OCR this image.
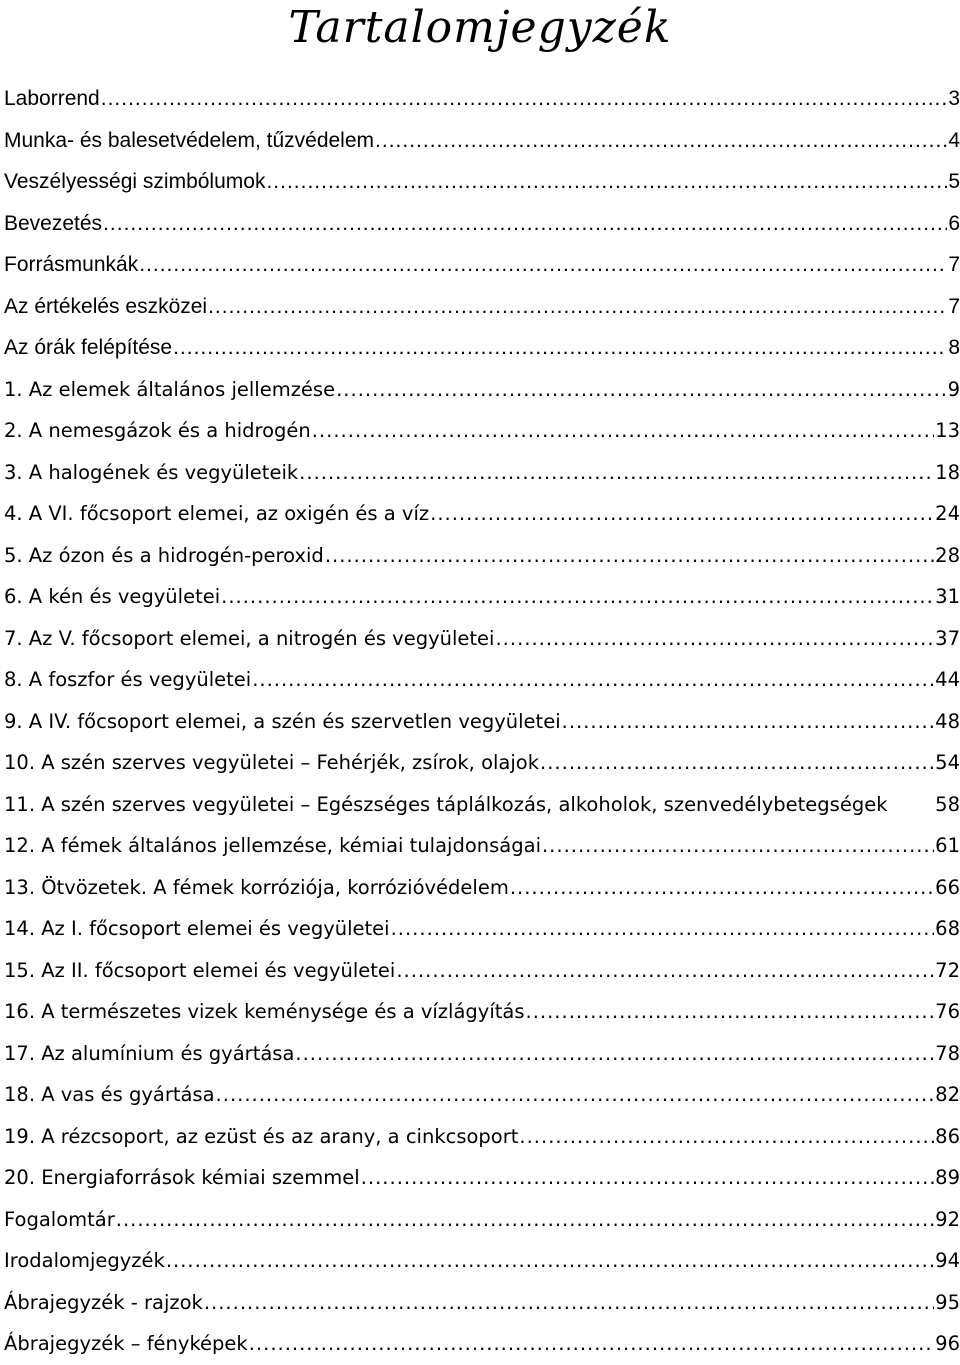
Tartalomjegyzék
Laborrend .....	3
Munka- és balesetvédelem, tűzvédelem .....	4
Veszélyességi szimbólumok .....	5
Bevezetés .....	6
Forrásmunkák .....	7
Az értékelés eszközei .....	7
Az órák felépítése .....	8
1. Az elemek általános jellemzése .....	9
2. A nemesgázok és a hidrogén .....	13
3. A halogének és vegyületeik .....	18
4. A VI. főcsoport elemei, az oxigén és a víz .....	24
5. Az ózon és a hidrogén-peroxid .....	28
6. A kén és vegyületei .....	31
7. Az V. főcsoport elemei, a nitrogén és vegyületei .....	37
8. A foszfor és vegyületei .....	44
9. A IV. főcsoport elemei, a szén és szervetlen vegyületei .....	48
10. A szén szerves vegyületei – Fehérjék, zsírok, olajok .....	54
11. A szén szerves vegyületei – Egészséges táplálkozás, alkoholok, szenvedélybetegségek 58
12. A fémek általános jellemzése, kémiai tulajdonságai .....	61
13. Ötvözetek. A fémek korróziója, korrózióvédelem .....	66
14. Az I. főcsoport elemei és vegyületei .....	68
15. Az II. főcsoport elemei és vegyületei .....	72
16. A természetes vizek keménysége és a vízlágyítás .....	76
17. Az alumínium és gyártása .....	78
18. A vas és gyártása .....	82
19. A rézcsoport, az ezüst és az arany, a cinkcsoport .....	86
20. Energiaforrások kémiai szemmel .....	89
Fogalomtár .....	92
Irodalomjegyzék .....	94
Ábrajegyzék - rajzok .....	95
Ábrajegyzék – fényképek .....	96
